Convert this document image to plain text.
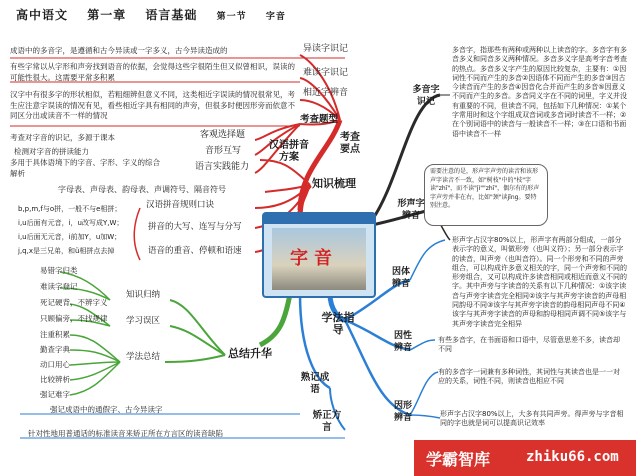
高中语文 第一章 语言基础 第一节 字音
字音
成语中的多音字，是遵循和古今异读或一字多义，古今异读造成的	异读字识记
有些字常以从字形和声旁找到语音的依据，会觉得这些字很陌生但又似曾相识，误读的可能性很大。这需要平常多积累	难读字识记
汉字中有很多字的形状相似，若粗细辨但意义不同，这类相近字误读的情况很常见，考生应注意字误读的情况有见，看些相近字具有相同的声旁，但很多时便因形旁而依意不同区分出或读音不一样的情况
相近字辨音
考查题型
考查要点
考查对字音的识记，多源于课本	客观选择题
检测对字音的拼读能力	音形互写
多用于具体语境下的字音、字形、字义的综合解析
语言实践能力
汉语拼音方案
知识梳理
字母表、声母表、韵母表、声调符号、隔音符号
汉语拼音规则口诀
b,p,m,f与o拼，一般不与e相拼；
i,u后面有元音，i，u改写成Y,W；
i,u后面无元音，i前加Y，u加W；
j,q,x是三兄弟，和ü相拼点去掉
拼音的大写、连写与分写
语音的重音、停顿和语速
多音字识记
多音字，指那些有两种或两种以上读音的字。多音字有多音多义和同音多义两种情况。多音多义字是高考字音考查的热点。多音多义字产生的原因比较复杂，主要有：①因词性不同而产生的多音②因语体不同而产生的多音③因古今读音而产生的多音④因音化合并而产生的多音⑤因意义不同而产生的多音。多音同义字在不同的词里，字义并没有重要的不同，但读音不同，包括如下几种情况：①某个字常用时和这个字组成双音词或多音词时读音不一样；②在个别词语中的读音与一般读音不一样；③在口语和书面语中读音不一样
需要注意的是，形声字声旁的读音和该形声字读音不一致，如"树枝"中的"枝"字读"zhī"，而不读"jì""zhī"，偶尔有的形声字声旁并非在右，比如"颈"读jǐng。要特别注意。
形声字辨音
形声字占汉字80%以上，形声字有两部分组成，一部分表示字的意义，叫做形旁（也叫义符）；另一部分表示字的读音，叫声旁（也叫音符）。同一个形旁和不同的声旁组合，可以构成许多意义相关的字，同一个声旁和不同的形旁组合，又可以构成许多读音相同或相近而意义不同的字。其中声旁与字读音的关系有以下几种情况：①该字读音与声旁字读音完全相同②该字与其声旁字读音的声母相同韵母不同③该字与其声旁字读音的韵母相同声母不同④该字与其声旁字读音的声母和韵母相同声调不同⑤该字与其声旁字读音完全相异
学法指导
因体辨音
因性辨音
有些多音字，在书面语和口语中，尽管意思差不多，读音却不同
有的多音字一词兼有多种词性，其词性与其读音也是一一对应的关系，词性不同，则读音也相应不同
因形辨音	形声字占汉字80%以上，大多有共同声旁。得声旁与字音相同的字也就是词可以提高识记效率
熟记成语
强记成语中的通假字、古今异读字
矫正方言
针对性地用普通话的标准读音来矫正所在方言区的读音缺陷
总结升华
知识归纳
学习误区
学法总结
易错字归类
难读字登记
死记硬背，不辨字义
只顾偏旁，不找规律
注重积累
勤查字典
动口用心
比较辨析
强记难字
学霸智库	zhiku66.com
